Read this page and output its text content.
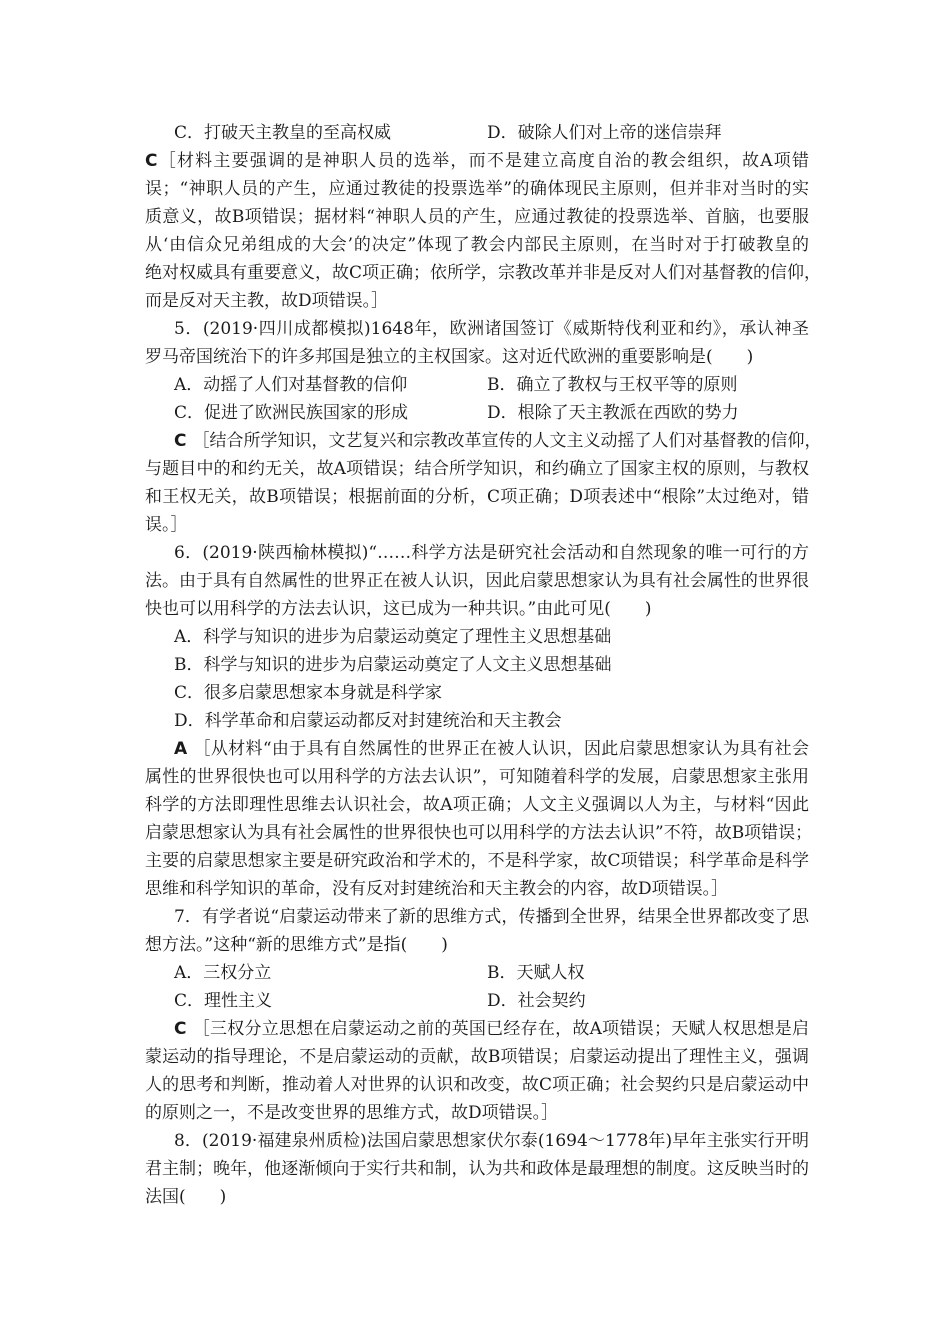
C．打破天主教皇的至高权威	D．破除人们对上帝的迷信崇拜
C［材料主要强调的是神职人员的选举，而不是建立高度自治的教会组织，故A项错
误；“神职人员的产生，应通过教徒的投票选举”的确体现民主原则，但并非对当时的实
质意义，故B项错误；据材料“神职人员的产生，应通过教徒的投票选举、首脑，也要服
从‘由信众兄弟组成的大会’的决定”体现了教会内部民主原则，在当时对于打破教皇的
绝对权威具有重要意义，故C项正确；依所学，宗教改革并非是反对人们对基督教的信仰，
而是反对天主教，故D项错误。］
5．(2019·四川成都模拟)1648年，欧洲诸国签订《威斯特伐利亚和约》，承认神圣
罗马帝国统治下的许多邦国是独立的主权国家。这对近代欧洲的重要影响是(　　)
A．动摇了人们对基督教的信仰	B．确立了教权与王权平等的原则
C．促进了欧洲民族国家的形成	D．根除了天主教派在西欧的势力
C ［结合所学知识，文艺复兴和宗教改革宣传的人文主义动摇了人们对基督教的信仰，
与题目中的和约无关，故A项错误；结合所学知识，和约确立了国家主权的原则，与教权
和王权无关，故B项错误；根据前面的分析，C项正确；D项表述中“根除”太过绝对，错
误。］
6．(2019·陕西榆林模拟)“……科学方法是研究社会活动和自然现象的唯一可行的方
法。由于具有自然属性的世界正在被人认识，因此启蒙思想家认为具有社会属性的世界很
快也可以用科学的方法去认识，这已成为一种共识。”由此可见(　　)
A．科学与知识的进步为启蒙运动奠定了理性主义思想基础
B．科学与知识的进步为启蒙运动奠定了人文主义思想基础
C．很多启蒙思想家本身就是科学家
D．科学革命和启蒙运动都反对封建统治和天主教会
A ［从材料“由于具有自然属性的世界正在被人认识，因此启蒙思想家认为具有社会
属性的世界很快也可以用科学的方法去认识”，可知随着科学的发展，启蒙思想家主张用
科学的方法即理性思维去认识社会，故A项正确；人文主义强调以人为主，与材料“因此
启蒙思想家认为具有社会属性的世界很快也可以用科学的方法去认识”不符，故B项错误；
主要的启蒙思想家主要是研究政治和学术的，不是科学家，故C项错误；科学革命是科学
思维和科学知识的革命，没有反对封建统治和天主教会的内容，故D项错误。］
7．有学者说“启蒙运动带来了新的思维方式，传播到全世界，结果全世界都改变了思
想方法。”这种“新的思维方式”是指(　　)
A．三权分立	B．天赋人权
C．理性主义	D．社会契约
C ［三权分立思想在启蒙运动之前的英国已经存在，故A项错误；天赋人权思想是启
蒙运动的指导理论，不是启蒙运动的贡献，故B项错误；启蒙运动提出了理性主义，强调
人的思考和判断，推动着人对世界的认识和改变，故C项正确；社会契约只是启蒙运动中
的原则之一，不是改变世界的思维方式，故D项错误。］
8．(2019·福建泉州质检)法国启蒙思想家伏尔泰(1694～1778年)早年主张实行开明
君主制；晚年，他逐渐倾向于实行共和制，认为共和政体是最理想的制度。这反映当时的
法国(　　)
